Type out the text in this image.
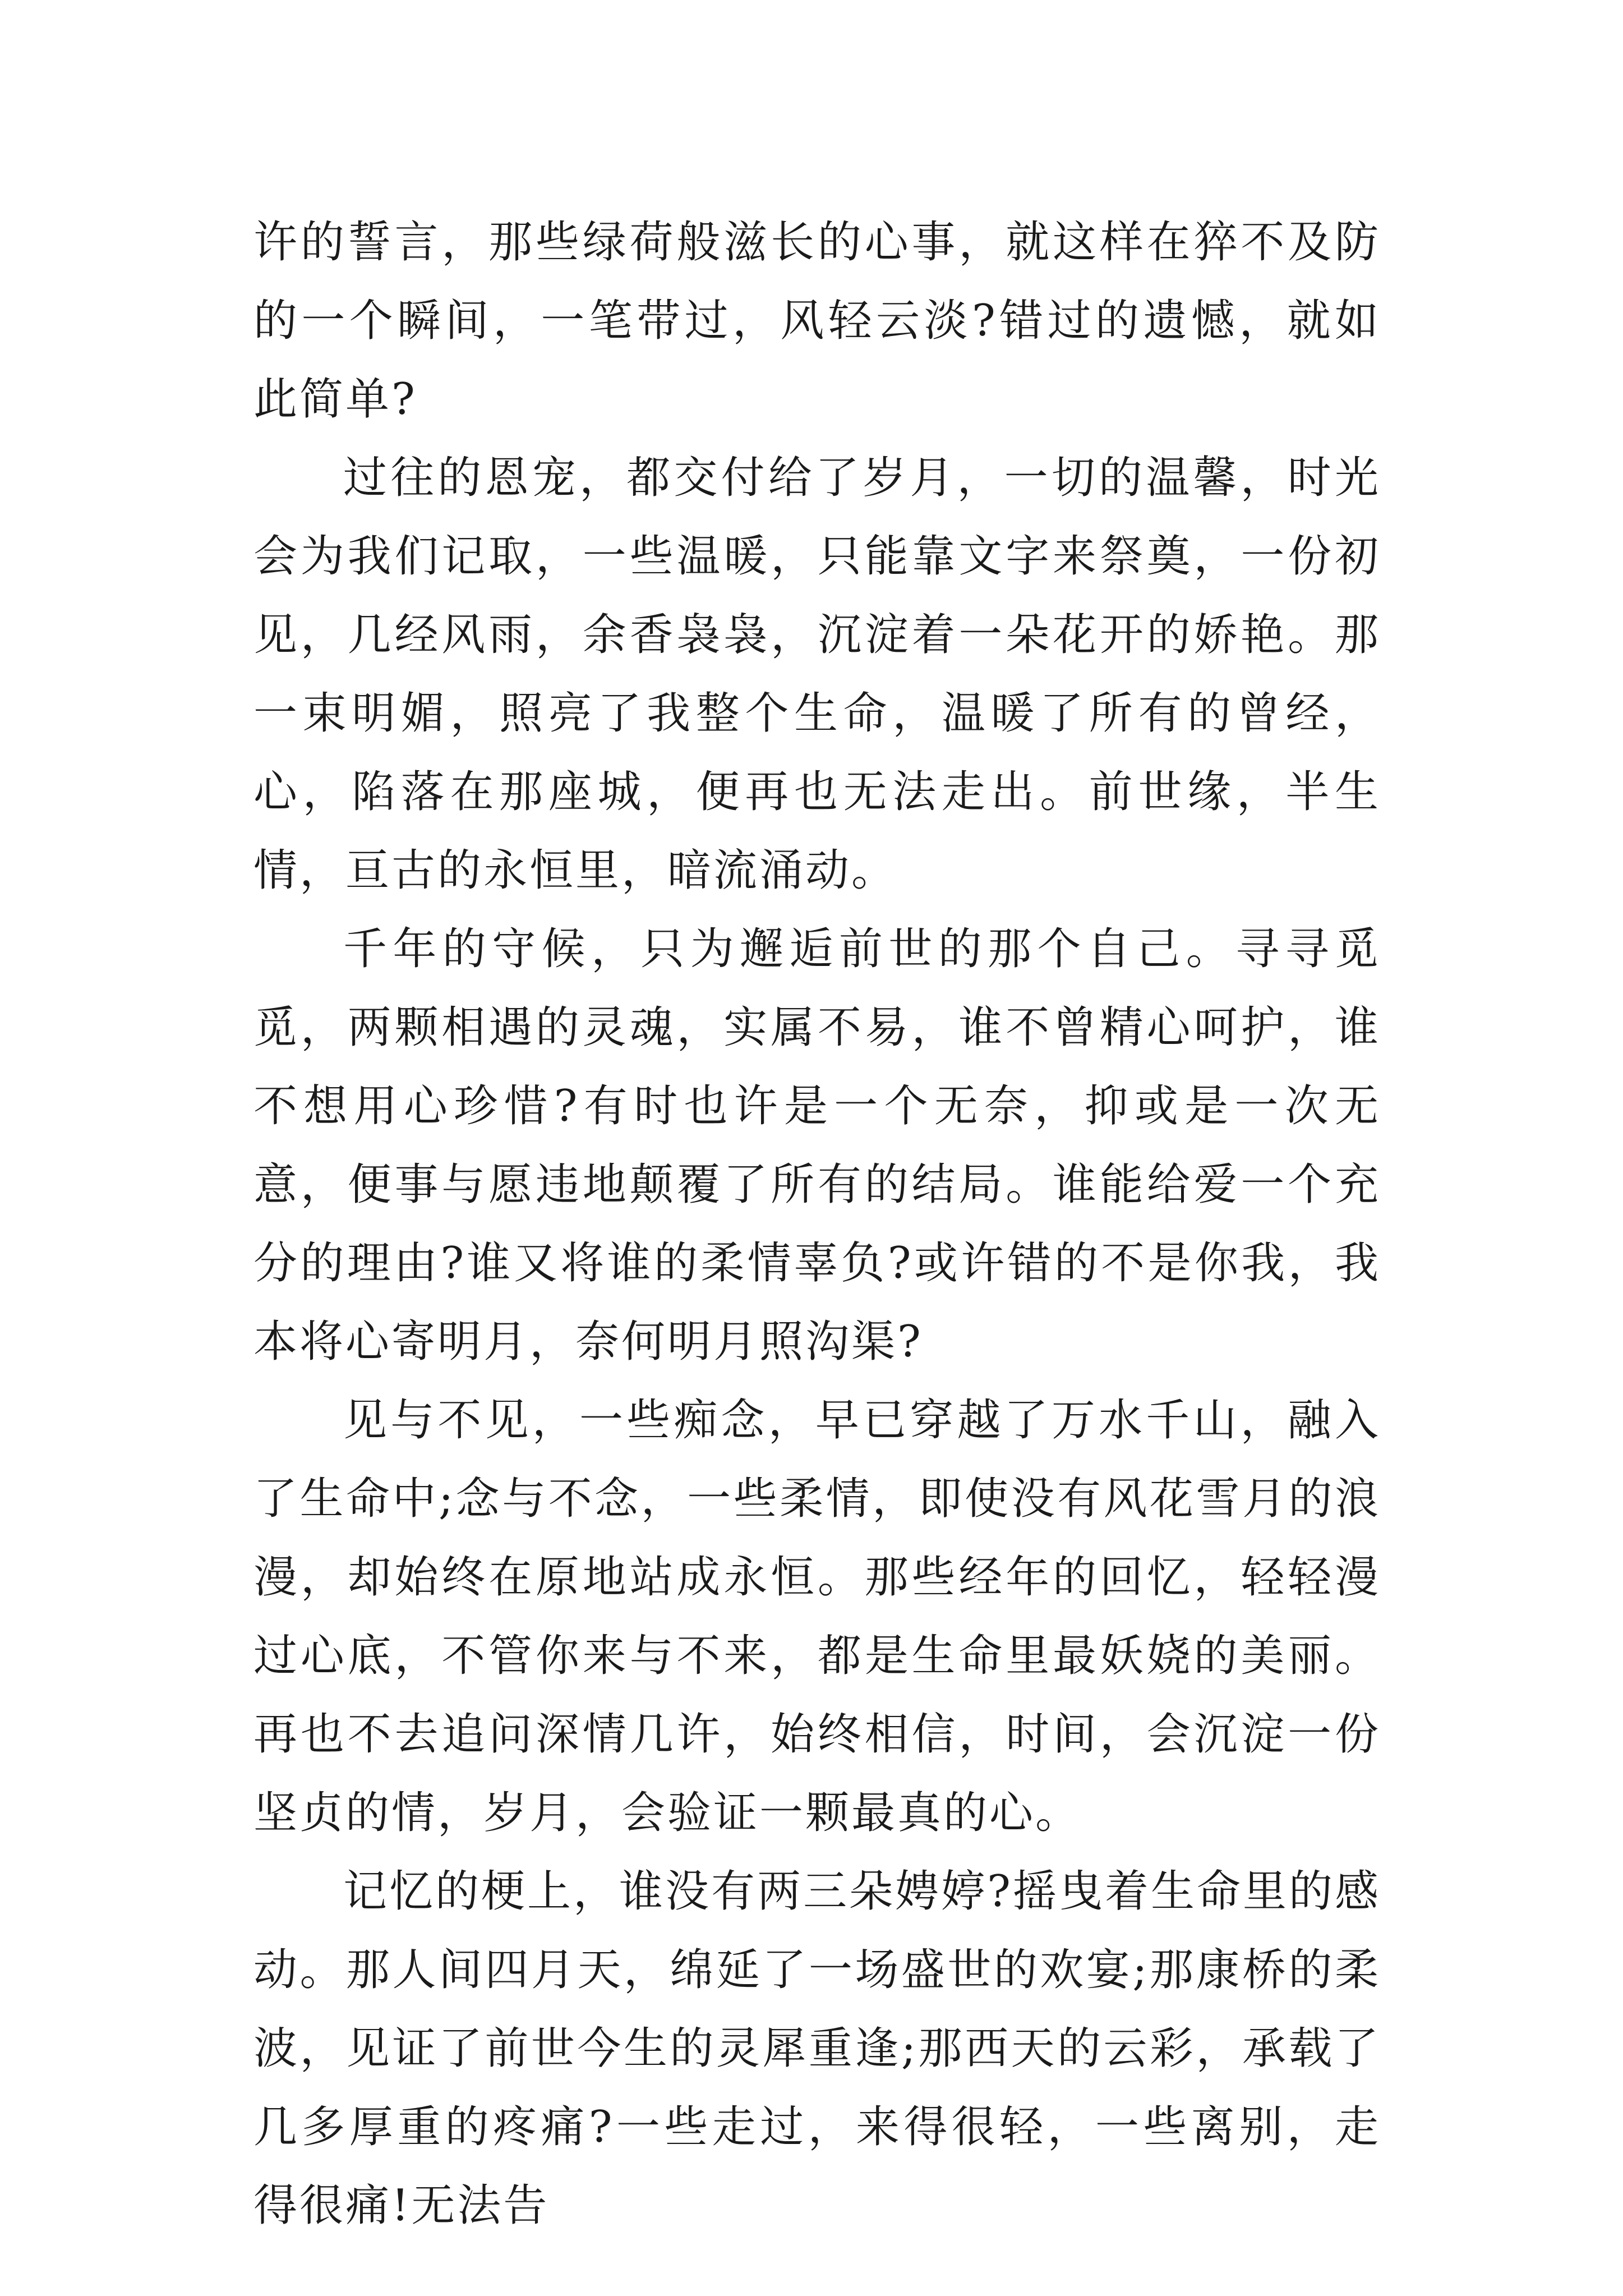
许的誓言，那些绿荷般滋长的心事，就这样在猝不及防的一个瞬间，一笔带过，风轻云淡?错过的遗憾，就如此简单?

过往的恩宠，都交付给了岁月，一切的温馨，时光会为我们记取，一些温暖，只能靠文字来祭奠，一份初见，几经风雨，余香袅袅，沉淀着一朵花开的娇艳。那一束明媚，照亮了我整个生命，温暖了所有的曾经，心，陷落在那座城，便再也无法走出。前世缘，半生情，亘古的永恒里，暗流涌动。

千年的守候，只为邂逅前世的那个自己。寻寻觅觅，两颗相遇的灵魂，实属不易，谁不曾精心呵护，谁不想用心珍惜?有时也许是一个无奈，抑或是一次无意，便事与愿违地颠覆了所有的结局。谁能给爱一个充分的理由?谁又将谁的柔情辜负?或许错的不是你我，我本将心寄明月，奈何明月照沟渠?

见与不见，一些痴念，早已穿越了万水千山，融入了生命中;念与不念，一些柔情，即使没有风花雪月的浪漫，却始终在原地站成永恒。那些经年的回忆，轻轻漫过心底，不管你来与不来，都是生命里最妖娆的美丽。再也不去追问深情几许，始终相信，时间，会沉淀一份坚贞的情，岁月，会验证一颗最真的心。

记忆的梗上，谁没有两三朵娉婷?摇曳着生命里的感动。那人间四月天，绵延了一场盛世的欢宴;那康桥的柔波，见证了前世今生的灵犀重逢;那西天的云彩，承载了几多厚重的疼痛?一些走过，来得很轻，一些离别，走得很痛!无法告
